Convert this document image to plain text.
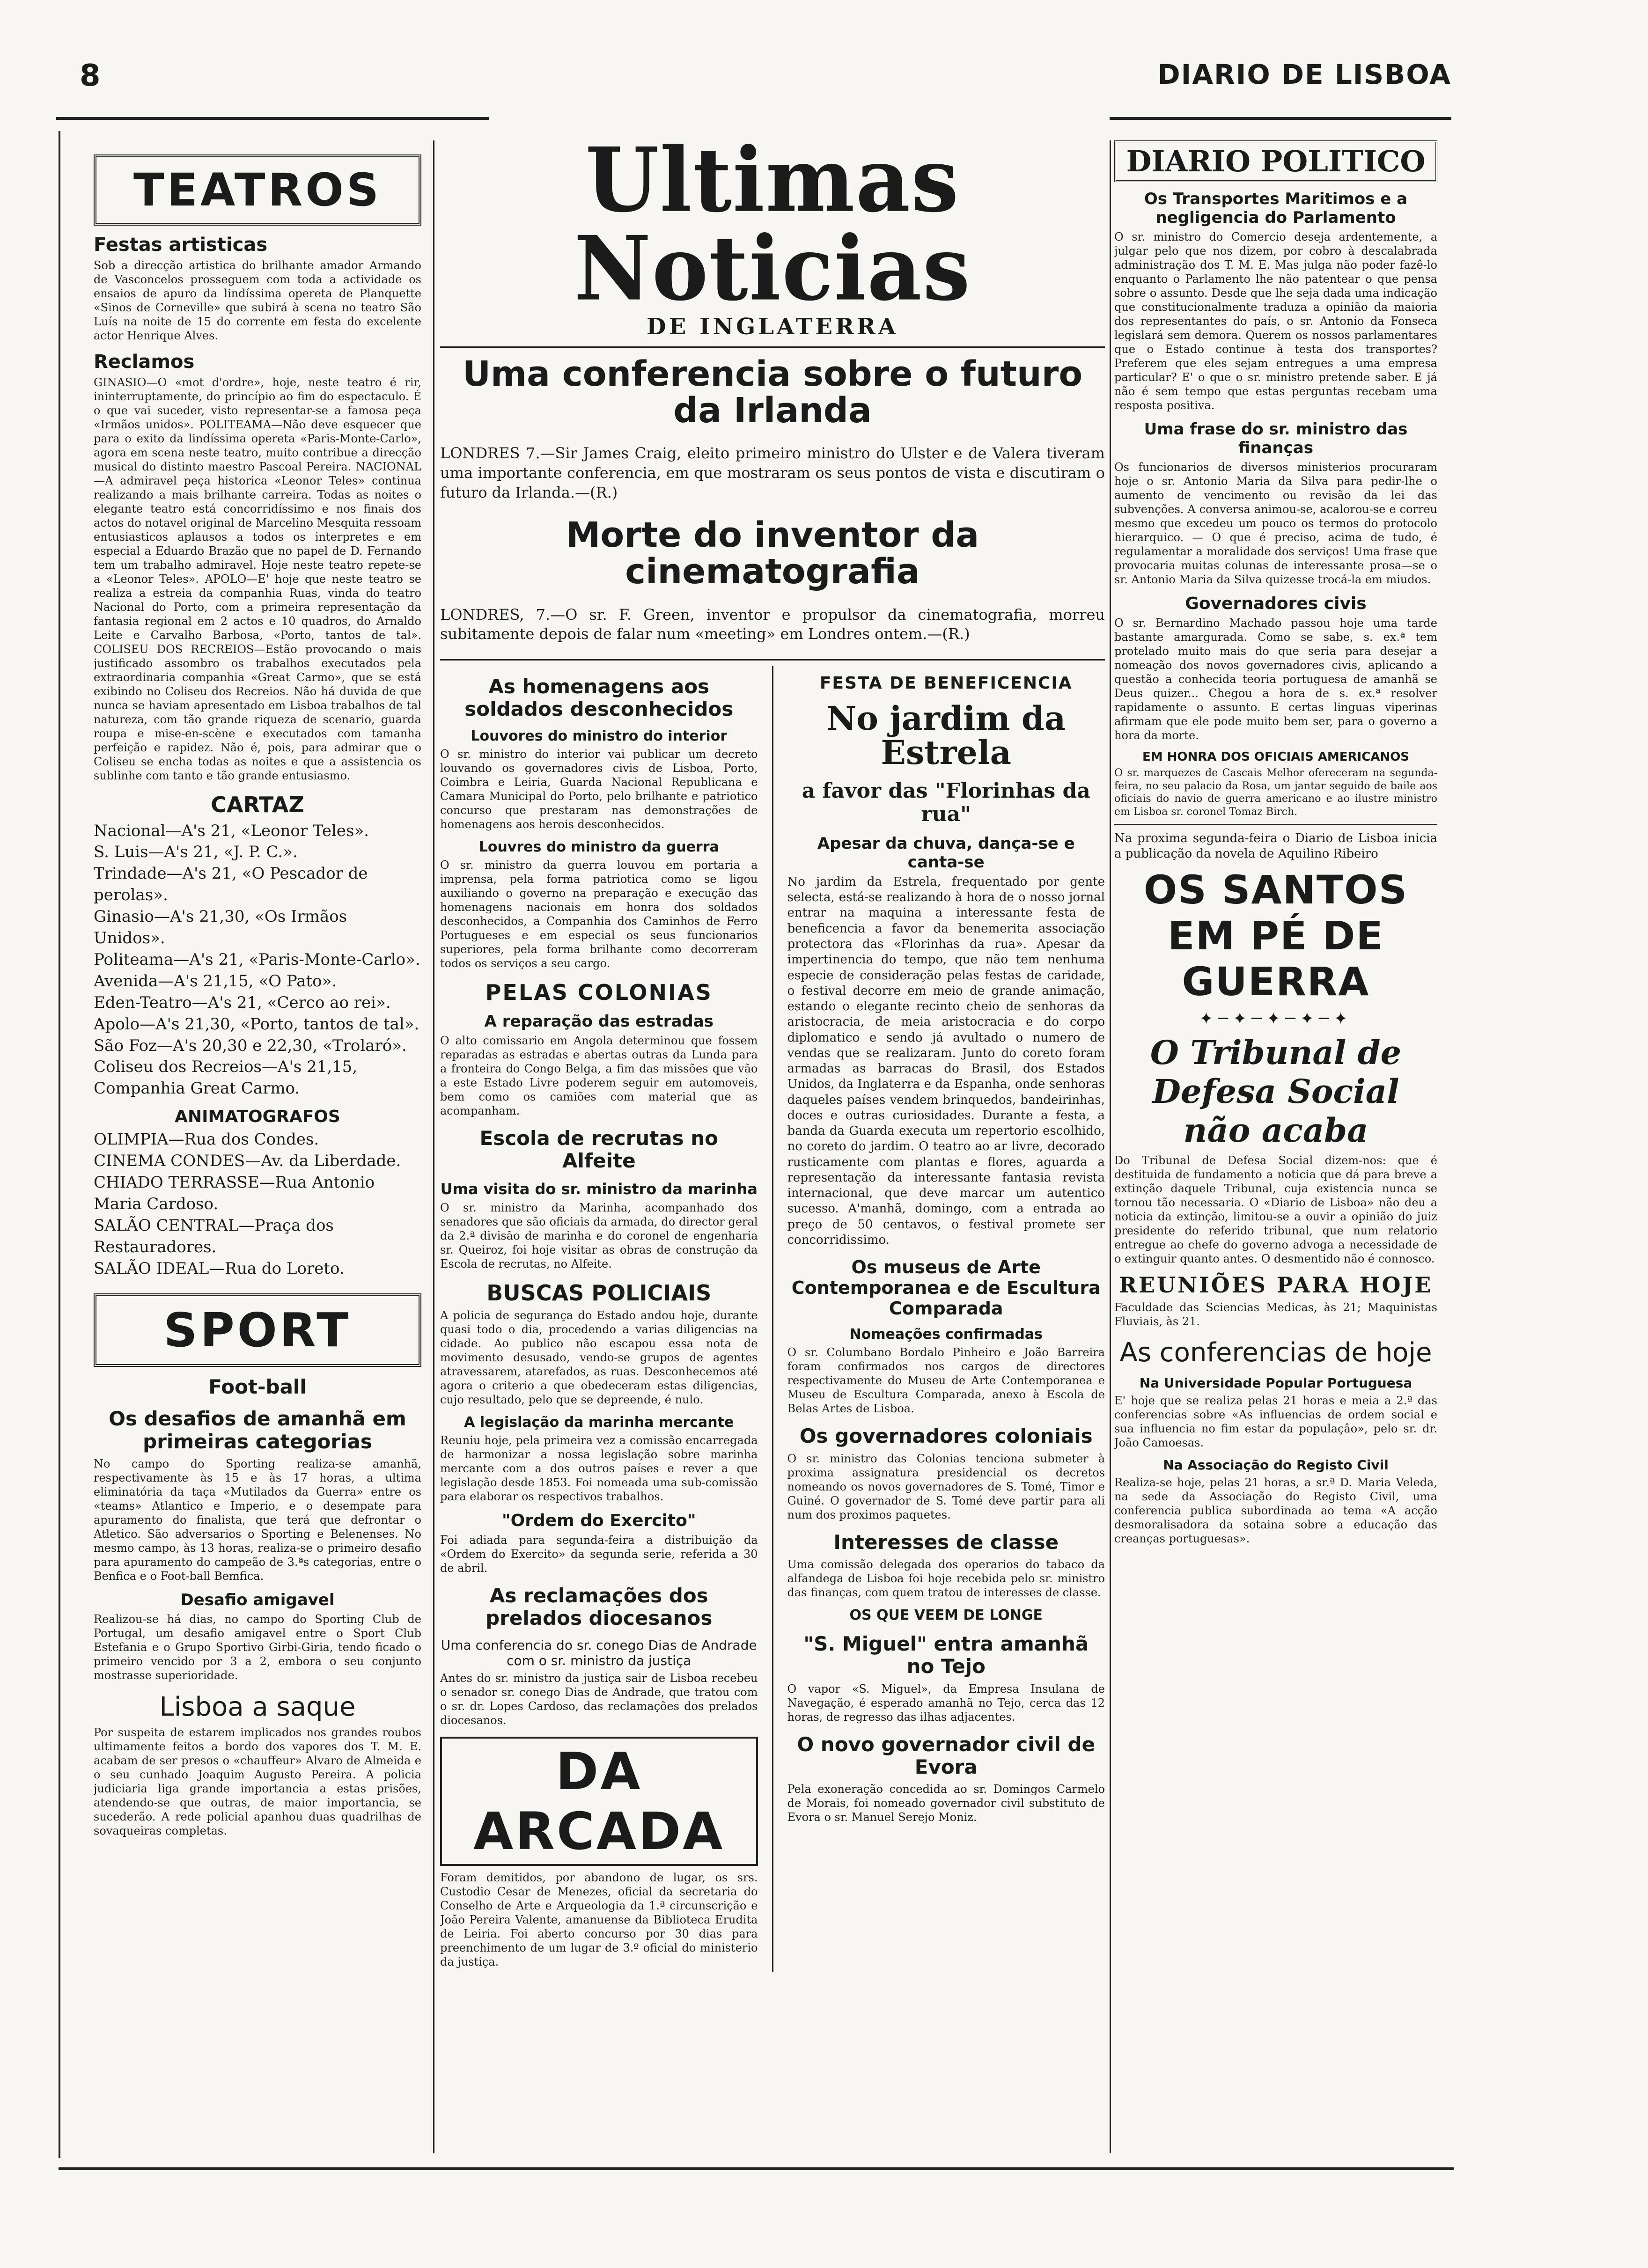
8	DIARIO DE LISBOA
TEATROS
Festas artisticas

Sob a direcção artistica do brilhante amador Armando de Vasconcelos prosseguem com toda a actividade os ensaios de apuro da lindíssima opereta de Planquette «Sinos de Corneville» que subirá à scena no teatro São Luís na noite de 15 do corrente em festa do excelente actor Henrique Alves.

Reclamos

GINASIO—O «mot d'ordre», hoje, neste teatro é rir, ininterruptamente, do princípio ao fim do espectaculo. É o que vai suceder, visto representar-se a famosa peça «Irmãos unidos». POLITEAMA—Não deve esquecer que para o exito da lindíssima opereta «Paris-Monte-Carlo», agora em scena neste teatro, muito contribue a direcção musical do distinto maestro Pascoal Pereira. NACIONAL—A admiravel peça historica «Leonor Teles» continua realizando a mais brilhante carreira. Todas as noites o elegante teatro está concorridíssimo e nos finais dos actos do notavel original de Marcelino Mesquita ressoam entusiasticos aplausos a todos os interpretes e em especial a Eduardo Brazão que no papel de D. Fernando tem um trabalho admiravel. Hoje neste teatro repete-se a «Leonor Teles». APOLO—E' hoje que neste teatro se realiza a estreia da companhia Ruas, vinda do teatro Nacional do Porto, com a primeira representação da fantasia regional em 2 actos e 10 quadros, do Arnaldo Leite e Carvalho Barbosa, «Porto, tantos de tal». COLISEU DOS RECREIOS—Estão provocando o mais justificado assombro os trabalhos executados pela extraordinaria companhia «Great Carmo», que se está exibindo no Coliseu dos Recreios. Não há duvida de que nunca se haviam apresentado em Lisboa trabalhos de tal natureza, com tão grande riqueza de scenario, guarda roupa e mise-en-scène e executados com tamanha perfeição e rapidez. Não é, pois, para admirar que o Coliseu se encha todas as noites e que a assistencia os sublinhe com tanto e tão grande entusiasmo.

CARTAZ

Nacional—A's 21, «Leonor Teles».

S. Luis—A's 21, «J. P. C.».

Trindade—A's 21, «O Pescador de perolas».

Ginasio—A's 21,30, «Os Irmãos Unidos».

Politeama—A's 21, «Paris-Monte-Carlo».

Avenida—A's 21,15, «O Pato».

Eden-Teatro—A's 21, «Cerco ao rei».

Apolo—A's 21,30, «Porto, tantos de tal».

São Foz—A's 20,30 e 22,30, «Trolaró».

Coliseu dos Recreios—A's 21,15, Companhia Great Carmo.

ANIMATOGRAFOS

OLIMPIA—Rua dos Condes.

CINEMA CONDES—Av. da Liberdade.

CHIADO TERRASSE—Rua Antonio Maria Cardoso.

SALÃO CENTRAL—Praça dos Restauradores.

SALÃO IDEAL—Rua do Loreto.

SPORT
Foot-ball
Os desafios de amanhã em primeiras categorias

No campo do Sporting realiza-se amanhã, respectivamente às 15 e às 17 horas, a ultima eliminatória da taça «Mutilados da Guerra» entre os «teams» Atlantico e Imperio, e o desempate para apuramento do finalista, que terá que defrontar o Atletico. São adversarios o Sporting e Belenenses. No mesmo campo, às 13 horas, realiza-se o primeiro desafio para apuramento do campeão de 3.ªs categorias, entre o Benfica e o Foot-ball Bemfica.

Desafio amigavel

Realizou-se há dias, no campo do Sporting Club de Portugal, um desafio amigavel entre o Sport Club Estefania e o Grupo Sportivo Girbi-Giria, tendo ficado o primeiro vencido por 3 a 2, embora o seu conjunto mostrasse superioridade.

Lisboa a saque

Por suspeita de estarem implicados nos grandes roubos ultimamente feitos a bordo dos vapores dos T. M. E. acabam de ser presos o «chauffeur» Alvaro de Almeida e o seu cunhado Joaquim Augusto Pereira. A policia judiciaria liga grande importancia a estas prisões, atendendo-se que outras, de maior importancia, se sucederão. A rede policial apanhou duas quadrilhas de sovaqueiras completas.

Ultimas Noticias
DE INGLATERRA
Uma conferencia sobre o futuro da Irlanda

LONDRES 7.—Sir James Craig, eleito primeiro ministro do Ulster e de Valera tiveram uma importante conferencia, em que mostraram os seus pontos de vista e discutiram o futuro da Irlanda.—(R.)

Morte do inventor da cinematografia

LONDRES, 7.—O sr. F. Green, inventor e propulsor da cinematografia, morreu subitamente depois de falar num «meeting» em Londres ontem.—(R.)

As homenagens aos soldados desconhecidos
Louvores do ministro do interior

O sr. ministro do interior vai publicar um decreto louvando os governadores civis de Lisboa, Porto, Coimbra e Leiria, Guarda Nacional Republicana e Camara Municipal do Porto, pelo brilhante e patriotico concurso que prestaram nas demonstrações de homenagens aos herois desconhecidos.

Louvres do ministro da guerra

O sr. ministro da guerra louvou em portaria a imprensa, pela forma patriotica como se ligou auxiliando o governo na preparação e execução das homenagens nacionais em honra dos soldados desconhecidos, a Companhia dos Caminhos de Ferro Portugueses e em especial os seus funcionarios superiores, pela forma brilhante como decorreram todos os serviços a seu cargo.

PELAS COLONIAS
A reparação das estradas

O alto comissario em Angola determinou que fossem reparadas as estradas e abertas outras da Lunda para a fronteira do Congo Belga, a fim das missões que vão a este Estado Livre poderem seguir em automoveis, bem como os camiões com material que as acompanham.

Escola de recrutas no Alfeite
Uma visita do sr. ministro da marinha

O sr. ministro da Marinha, acompanhado dos senadores que são oficiais da armada, do director geral da 2.ª divisão de marinha e do coronel de engenharia sr. Queiroz, foi hoje visitar as obras de construção da Escola de recrutas, no Alfeite.

BUSCAS POLICIAIS

A policia de segurança do Estado andou hoje, durante quasi todo o dia, procedendo a varias diligencias na cidade. Ao publico não escapou essa nota de movimento desusado, vendo-se grupos de agentes atravessarem, atarefados, as ruas. Desconhecemos até agora o criterio a que obedeceram estas diligencias, cujo resultado, pelo que se depreende, é nulo.

A legislação da marinha mercante

Reuniu hoje, pela primeira vez a comissão encarregada de harmonizar a nossa legislação sobre marinha mercante com a dos outros países e rever a que legislação desde 1853. Foi nomeada uma sub-comissão para elaborar os respectivos trabalhos.

"Ordem do Exercito"

Foi adiada para segunda-feira a distribuição da «Ordem do Exercito» da segunda serie, referida a 30 de abril.

As reclamações dos prelados diocesanos
Uma conferencia do sr. conego Dias de Andrade com o sr. ministro da justiça

Antes do sr. ministro da justiça sair de Lisboa recebeu o senador sr. conego Dias de Andrade, que tratou com o sr. dr. Lopes Cardoso, das reclamações dos prelados diocesanos.

DA ARCADA

Foram demitidos, por abandono de lugar, os srs. Custodio Cesar de Menezes, oficial da secretaria do Conselho de Arte e Arqueologia da 1.ª circunscrição e João Pereira Valente, amanuense da Biblioteca Erudita de Leiria. Foi aberto concurso por 30 dias para preenchimento de um lugar de 3.º oficial do ministerio da justiça.

FESTA DE BENEFICENCIA
No jardim da Estrela
a favor das "Florinhas da rua"
Apesar da chuva, dança-se e canta-se

No jardim da Estrela, frequentado por gente selecta, está-se realizando à hora de o nosso jornal entrar na maquina a interessante festa de beneficencia a favor da benemerita associação protectora das «Florinhas da rua». Apesar da impertinencia do tempo, que não tem nenhuma especie de consideração pelas festas de caridade, o festival decorre em meio de grande animação, estando o elegante recinto cheio de senhoras da aristocracia, de meia aristocracia e do corpo diplomatico e sendo já avultado o numero de vendas que se realizaram. Junto do coreto foram armadas as barracas do Brasil, dos Estados Unidos, da Inglaterra e da Espanha, onde senhoras daqueles países vendem brinquedos, bandeirinhas, doces e outras curiosidades. Durante a festa, a banda da Guarda executa um repertorio escolhido, no coreto do jardim. O teatro ao ar livre, decorado rusticamente com plantas e flores, aguarda a representação da interessante fantasia revista internacional, que deve marcar um autentico sucesso. A'manhã, domingo, com a entrada ao preço de 50 centavos, o festival promete ser concorridissimo.

Os museus de Arte Contemporanea e de Escultura Comparada
Nomeações confirmadas

O sr. Columbano Bordalo Pinheiro e João Barreira foram confirmados nos cargos de directores respectivamente do Museu de Arte Contemporanea e Museu de Escultura Comparada, anexo à Escola de Belas Artes de Lisboa.

Os governadores coloniais

O sr. ministro das Colonias tenciona submeter à proxima assignatura presidencial os decretos nomeando os novos governadores de S. Tomé, Timor e Guiné. O governador de S. Tomé deve partir para ali num dos proximos paquetes.

Interesses de classe

Uma comissão delegada dos operarios do tabaco da alfandega de Lisboa foi hoje recebida pelo sr. ministro das finanças, com quem tratou de interesses de classe.

OS QUE VEEM DE LONGE
"S. Miguel" entra amanhã no Tejo

O vapor «S. Miguel», da Empresa Insulana de Navegação, é esperado amanhã no Tejo, cerca das 12 horas, de regresso das ilhas adjacentes.

O novo governador civil de Evora

Pela exoneração concedida ao sr. Domingos Carmelo de Morais, foi nomeado governador civil substituto de Evora o sr. Manuel Serejo Moniz.

DIARIO POLITICO
Os Transportes Maritimos e a negligencia do Parlamento

O sr. ministro do Comercio deseja ardentemente, a julgar pelo que nos dizem, por cobro à descalabrada administração dos T. M. E. Mas julga não poder fazê-lo enquanto o Parlamento lhe não patentear o que pensa sobre o assunto. Desde que lhe seja dada uma indicação que constitucionalmente traduza a opinião da maioria dos representantes do país, o sr. Antonio da Fonseca legislará sem demora. Querem os nossos parlamentares que o Estado continue à testa dos transportes? Preferem que eles sejam entregues a uma empresa particular? E' o que o sr. ministro pretende saber. E já não é sem tempo que estas perguntas recebam uma resposta positiva.

Uma frase do sr. ministro das finanças

Os funcionarios de diversos ministerios procuraram hoje o sr. Antonio Maria da Silva para pedir-lhe o aumento de vencimento ou revisão da lei das subvenções. A conversa animou-se, acalorou-se e correu mesmo que excedeu um pouco os termos do protocolo hierarquico. — O que é preciso, acima de tudo, é regulamentar a moralidade dos serviços! Uma frase que provocaria muitas colunas de interessante prosa—se o sr. Antonio Maria da Silva quizesse trocá-la em miudos.

Governadores civis

O sr. Bernardino Machado passou hoje uma tarde bastante amargurada. Como se sabe, s. ex.ª tem protelado muito mais do que seria para desejar a nomeação dos novos governadores civis, aplicando a questão a conhecida teoria portuguesa de amanhã se Deus quizer... Chegou a hora de s. ex.ª resolver rapidamente o assunto. E certas linguas viperinas afirmam que ele pode muito bem ser, para o governo a hora da morte.

EM HONRA DOS OFICIAIS AMERICANOS

O sr. marquezes de Cascais Melhor ofereceram na segunda-feira, no seu palacio da Rosa, um jantar seguido de baile aos oficiais do navio de guerra americano e ao ilustre ministro em Lisboa sr. coronel Tomaz Birch.

Na proxima segunda-feira o Diario de Lisboa inicia a publicação da novela de Aquilino Ribeiro

OS SANTOS EM PÉ DE GUERRA
✦─✦─✦─✦─✦
O Tribunal de Defesa Social não acaba

Do Tribunal de Defesa Social dizem-nos: que é destituida de fundamento a noticia que dá para breve a extinção daquele Tribunal, cuja existencia nunca se tornou tão necessaria. O «Diario de Lisboa» não deu a noticia da extinção, limitou-se a ouvir a opinião do juiz presidente do referido tribunal, que num relatorio entregue ao chefe do governo advoga a necessidade de o extinguir quanto antes. O desmentido não é connosco.

REUNIÕES PARA HOJE

Faculdade das Sciencias Medicas, às 21; Maquinistas Fluviais, às 21.

As conferencias de hoje
Na Universidade Popular Portuguesa

E' hoje que se realiza pelas 21 horas e meia a 2.ª das conferencias sobre «As influencias de ordem social e sua influencia no fim estar da populaçâo», pelo sr. dr. João Camoesas.

Na Associação do Registo Civil

Realiza-se hoje, pelas 21 horas, a sr.ª D. Maria Veleda, na sede da Associação do Registo Civil, uma conferencia publica subordinada ao tema «A acção desmoralisadora da sotaina sobre a educação das creanças portuguesas».
